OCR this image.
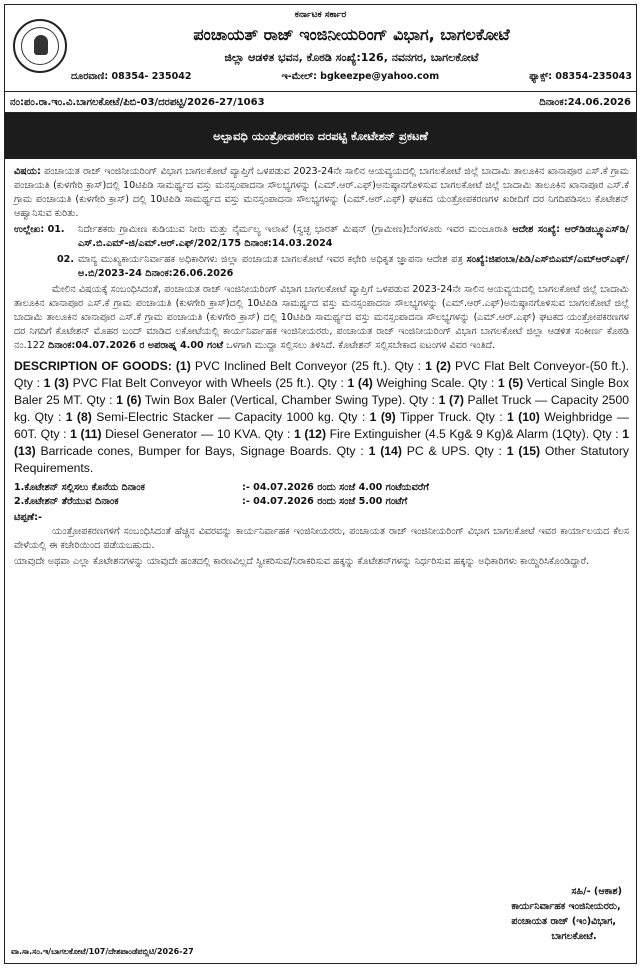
ಕರ್ನಾಟಕ ಸರ್ಕಾರ
ಪಂಚಾಯತ್ ರಾಜ್ ಇಂಜಿನೀಯರಿಂಗ್ ವಿಭಾಗ, ಬಾಗಲಕೋಟೆ
ಜಿಲ್ಲಾ ಆಡಳಿತ ಭವನ, ಕೊಠಡಿ ಸಂಖ್ಯೆ:126, ನವನಗರ, ಬಾಗಲಕೋಟೆ
ದೂರವಾಣಿ: 08354- 235042	ಇ-ಮೇಲ್: bgkeezpe@yahoo.com	ಫ್ಯಾಕ್ಸ್: 08354-235043
ನಂ:ಪಂ.ರಾ.ಇಂ.ವಿ.ಬಾಗಲಕೋಟೆ/ಪಿಬಿ-03/ದರಪಟ್ಟಿ/2026-27/1063	ದಿನಾಂಕ:24.06.2026
ಅಲ್ಪಾವಧಿ ಯಂತ್ರೋಪಕರಣ ದರಪಟ್ಟಿ ಕೋಟೇಶನ್ ಪ್ರಕಟಣೆ

ವಿಷಯ: ಪಂಚಾಯತ ರಾಜ್ ಇಂಜಿನೀಯರಿಂಗ್ ವಿಭಾಗ ಬಾಗಲಕೋಟೆ ವ್ಯಾಪ್ತಿಗೆ ಒಳಪಡುವ 2023-24ನೇ ಸಾಲಿನ ಆಯವ್ಯಯದಲ್ಲಿ ಬಾಗಲಕೋಟೆ ಜಿಲ್ಲೆ ಬಾದಾಮಿ ತಾಲೂಕಿನ ಖಾನಾಪೂರ ಎಸ್.ಕೆ ಗ್ರಾಮ ಪಂಚಾಯತಿ (ಕುಳಗೇರಿ ಕ್ರಾಸ್)ದಲ್ಲಿ 10ಟಿಪಿಡಿ ಸಾಮರ್ಥ್ಯದ ವಸ್ತು ಮನಸ್ಸಂಪಾದನಾ ಸೌಲಭ್ಯಗಳನ್ನು (ಎಮ್.ಆರ್.ಎಫ್)ಅನುಷ್ಠಾನಗೊಳಿಸುವ ಬಾಗಲಕೋಟೆ ಜಿಲ್ಲೆ ಬಾದಾಮಿ ತಾಲೂಕಿನ ಖಾನಾಪೂರ ಎಸ್.ಕೆ ಗ್ರಾಮ ಪಂಚಾಯತಿ (ಕುಳಗೇರಿ ಕ್ರಾಸ್) ದಲ್ಲಿ 10ಟಿಪಿಡಿ ಸಾಮರ್ಥ್ಯದ ವಸ್ತು ಮನಸ್ಸಂಪಾದನಾ ಸೌಲಭ್ಯಗಳನ್ನು (ಎಮ್.ಆರ್.ಎಫ್) ಘಟಕದ ಯಂತ್ರೋಪಕರಣಗಳ ಖರೀದಿಗೆ ದರ ನಿಗದಿಪಡಿಸಲು ಕೊಟೇಶನ್ ಆಹ್ವಾನಿಸುವ ಕುರಿತು.

ಉಲ್ಲೇಖ: 01.	ನಿರ್ದೇಶಕರು ಗ್ರಾಮೀಣ ಕುಡಿಯುವ ನೀರು ಮತ್ತು ನೈರ್ಮಲ್ಯ ಇಲಾಖೆ (ಸ್ವಚ್ಛ ಭಾರತ್ ಮಿಷನ್ (ಗ್ರಾಮೀಣ)ಬೆಂಗಳೂರು ಇವರ ಮಂಜೂರಾತಿ ಆದೇಶ ಸಂಖ್ಯೆ: ಆರ್‌ಡಿಡಬ್ಲ್ಯೂಎಸ್‌ಡಿ/ಎಸ್.ಬಿ.ಎಮ್-ಜಿ/ಎಮ್.ಆರ್.ಎಫ್/202/175 ದಿನಾಂಕ:14.03.2024
02. ಮಾನ್ಯ ಮುಖ್ಯಕಾರ್ಯನಿರ್ವಾಹಕ ಅಧಿಕಾರಿಗಳು ಜಿಲ್ಲಾ ಪಂಚಾಯತ ಬಾಗಲಕೋಟೆ ಇವರ ಕಛೇರಿ ಅಧಿಕೃತ ಜ್ಞಾಪನಾ ಆದೇಶ ಪತ್ರ ಸಂಖ್ಯೆ:ಜಿಪಂಬಾ/ಪಿಡಿ/ಎಸ್‌ಬಿಎಮ್/ಎಮ್‌ಆರ್‌ಎಫ್/ಅ.ಬಿ/2023-24 ದಿನಾಂಕ:26.06.2026

ಮೇಲಿನ ವಿಷಯಕ್ಕೆ ಸಂಬಂಧಿಸಿದಂತೆ, ಪಂಚಾಯತ ರಾಜ್ ಇಂಜಿನೀಯರಿಂಗ್ ವಿಭಾಗ ಬಾಗಲಕೋಟೆ ವ್ಯಾಪ್ತಿಗೆ ಒಳಪಡುವ 2023-24ನೇ ಸಾಲಿನ ಆಯವ್ಯಯದಲ್ಲಿ ಬಾಗಲಕೋಟೆ ಜಿಲ್ಲೆ ಬಾದಾಮಿ ತಾಲೂಕಿನ ಖಾನಾಪೂರ ಎಸ್.ಕೆ ಗ್ರಾಮ ಪಂಚಾಯತಿ (ಕುಳಗೇರಿ ಕ್ರಾಸ್)ದಲ್ಲಿ 10ಟಿಪಿಡಿ ಸಾಮರ್ಥ್ಯದ ವಸ್ತು ಮನಸ್ಸಂಪಾದನಾ ಸೌಲಭ್ಯಗಳನ್ನು (ಎಮ್.ಆರ್.ಎಫ್)ಅನುಷ್ಠಾನಗೊಳಿಸುವ ಬಾಗಲಕೋಟೆ ಜಿಲ್ಲೆ ಬಾದಾಮಿ ತಾಲೂಕಿನ ಖಾನಾಪೂರ ಎಸ್.ಕೆ ಗ್ರಾಮ ಪಂಚಾಯತಿ (ಕುಳಗೇರಿ ಕ್ರಾಸ್) ದಲ್ಲಿ 10ಟಿಪಿಡಿ ಸಾಮರ್ಥ್ಯದ ವಸ್ತು ಮನಸ್ಸಂಪಾದನಾ ಸೌಲಭ್ಯಗಳನ್ನು (ಎಮ್.ಆರ್.ಎಫ್) ಘಟಕದ ಯಂತ್ರೋಪಕರಣಗಳ ದರ ನಿಗದಿಗೆ ಕೊಟೇಶನ್ ಮೊಹರ ಬಂದ್ ಮಾಡಿದ ಲಕೋಟೆಯಲ್ಲಿ ಕಾರ್ಯನಿರ್ವಾಹಕ ಇಂಜಿನೀಯರರು, ಪಂಚಾಯತ ರಾಜ್ ಇಂಜಿನೀಯರಿಂಗ್ ವಿಭಾಗ ಬಾಗಲಕೋಟೆ ಜಿಲ್ಲಾ ಆಡಳಿತ ಸಂಕೀರ್ಣ ಕೊಠಡಿ ನಂ.122 ದಿನಾಂಕ:04.07.2026 ರ ಅಪರಾಹ್ನ 4.00 ಗಂಟೆ ಒಳಗಾಗಿ ಮುದ್ದಾ ಸಲ್ಲಿಸಲು ತಿಳಿಸಿದೆ. ಕೊಟೇಶನ್ ಸಲ್ಲಿಸಬೇಕಾದ ಐಟಂಗಳ ವಿವರ ಇಂತಿದೆ.

DESCRIPTION OF GOODS: (1) PVC Inclined Belt Conveyor (25 ft.). Qty : 1 (2) PVC Flat Belt Conveyor-(50 ft.). Qty : 1 (3) PVC Flat Belt Conveyor with Wheels (25 ft.). Qty : 1 (4) Weighing Scale. Qty : 1 (5) Vertical Single Box Baler 25 MT. Qty : 1 (6) Twin Box Baler (Vertical, Chamber Swing Type). Qty : 1 (7) Pallet Truck — Capacity 2500 kg. Qty : 1 (8) Semi-Electric Stacker — Capacity 1000 kg. Qty : 1 (9) Tipper Truck. Qty : 1 (10) Weighbridge — 60T. Qty : 1 (11) Diesel Generator — 10 KVA. Qty : 1 (12) Fire Extinguisher (4.5 Kg& 9 Kg)& Alarm (1Qty). Qty : 1 (13) Barricade cones, Bumper for Bays, Signage Boards. Qty : 1 (14) PC & UPS. Qty : 1 (15) Other Statutory Requirements.
1.ಕೊಟೇಶನ್ ಸಲ್ಲಿಸಲು ಕೊನೆಯ ದಿನಾಂಕ	:- 04.07.2026 ರಂದು ಸಂಜೆ 4.00 ಗಂಟೆಯವರೆಗೆ
2.ಕೊಟೇಶನ್ ತೆರೆಯುವ ದಿನಾಂಕ	:- 04.07.2026 ರಂದು ಸಂಜೆ 5.00 ಗಂಟೆಗೆ
ಟಿಪ್ಪಣೆ:-

ಯಂತ್ರೋಪಕರಣಗಳಿಗೆ ಸಂಬಂಧಿಸಿದಂತೆ ಹೆಚ್ಚಿನ ವಿವರವನ್ನು ಕಾರ್ಯನಿರ್ವಾಹಕ ಇಂಜಿನೀಯರರು, ಪಂಚಾಯತ ರಾಜ್ ಇಂಜಿನೀಯರಿಂಗ್ ವಿಭಾಗ ಬಾಗಲಕೋಟೆ ಇವರ ಕಾರ್ಯಾಲಯದ ಕೆಲಸ ವೇಳೆಯಲ್ಲಿ ಈ ಕಚೇರಿಯಿಂದ ಪಡೆಯಬಹುದು.

ಯಾವುದೇ ಅಥವಾ ಎಲ್ಲಾ ಕೊಟೇಶನಗಳನ್ನು ಯಾವುದೇ ಹಂತದಲ್ಲಿ ಕಾರಣವಿಲ್ಲದೆ ಸ್ವೀಕರಿಸುವ/ನಿರಾಕರಿಸುವ ಹಕ್ಕನ್ನು ಕೊಟೇಶನ್‌ಗಳನ್ನು ನಿರ್ಧರಿಸುವ ಹಕ್ಕನ್ನು ಅಧಿಕಾರಿಗಳು ಕಾಯ್ದಿರಿಸಿಕೊಂಡಿದ್ದಾರೆ.

ಸಹಿ/- (ಆಕಾಶ)
ಕಾರ್ಯನಿರ್ವಾಹಕ ಇಂಜಿನೀಯರರು,
ಪಂಚಾಯತ ರಾಜ್ (ಇಂ)ವಿಭಾಗ,
ಬಾಗಲಕೋಟೆ.
ವಾ.ಸಾ.ಸಂ.ಇ/ಬಾಗಲಕೋಟೆ/107/ದೇಶಪಾಂಡೆಪಬ್ಲಿಟಿ/2026-27
